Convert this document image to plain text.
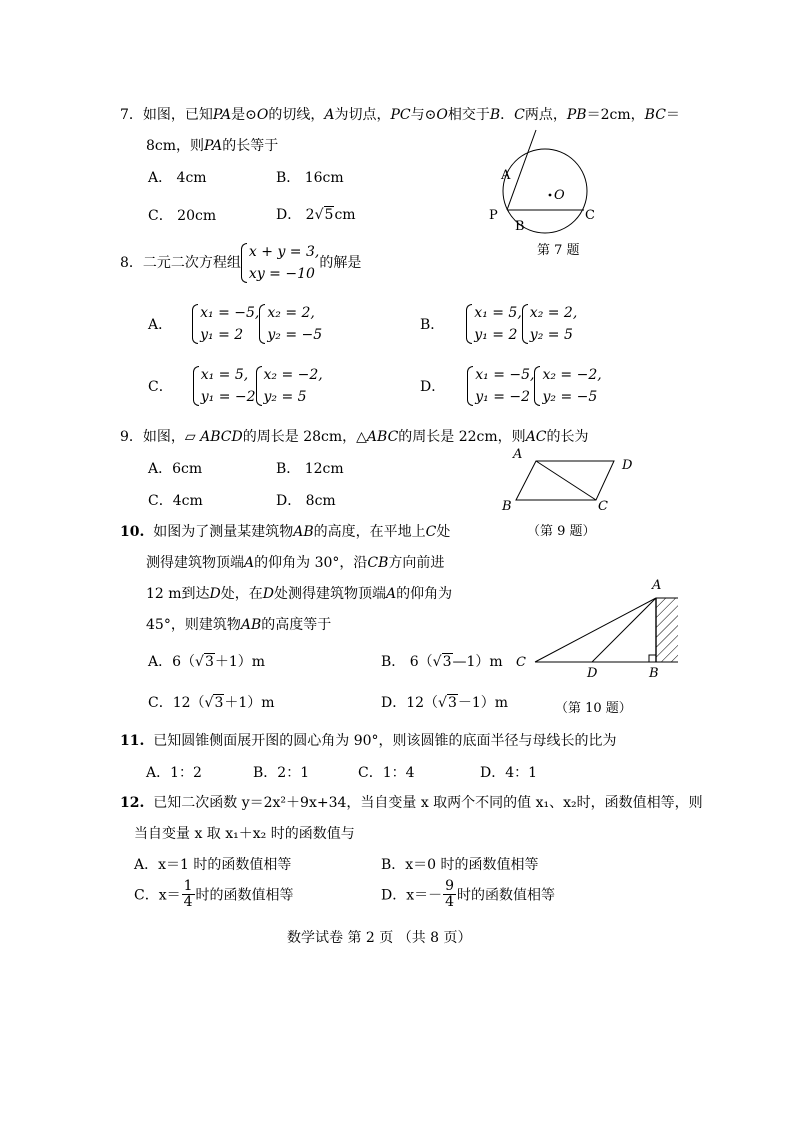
7．如图，已知PA是⊙O的切线，A为切点，PC与⊙O相交于B．C两点，PB＝2cm，BC＝
8cm，则PA的长等于
A． 4cm	B． 16cm
C． 20cm	D． 2√5cm
A
O
P
B
C
第 7 题
8．二元二次方程组
x + y = 3,
xy = −10
的解是
A．
x₁ = −5,
y₁ = 2
x₂ = 2,
y₂ = −5
B．
x₁ = 5,
y₁ = 2
x₂ = 2,
y₂ = 5
C．
x₁ = 5,
y₁ = −2
x₂ = −2,
y₂ = 5
D．
x₁ = −5,
y₁ = −2
x₂ = −2,
y₂ = −5
9．如图，▱ ABCD的周长是 28cm，△ABC的周长是 22cm，则AC的长为
A．6cm	B． 12cm
C．4cm	D． 8cm
A
D
B	C
（第 9 题）
10. 如图为了测量某建筑物AB的高度，在平地上C处
测得建筑物顶端A的仰角为 30°，沿CB方向前进
12 m到达D处，在D处测得建筑物顶端A的仰角为
45°，则建筑物AB的高度等于
A．6（√3＋1）m	B． 6（√3—1）m
C．12（√3＋1）m	D．12（√3－1）m
A
C
D	B
（第 10 题）
11. 已知圆锥侧面展开图的圆心角为 90°，则该圆锥的底面半径与母线长的比为
A．1：2	B．2：1	C．1：4	D．4：1
12. 已知二次函数 y＝2x²＋9x+34，当自变量 x 取两个不同的值 x₁、x₂时，函数值相等，则
当自变量 x 取 x₁＋x₂ 时的函数值与
A．x＝1 时的函数值相等	B．x＝0 时的函数值相等
C．$x= \frac{1}{4}$ 时的函数值相等	D．$x=- \frac{9}{4}$ 时的函数值相等
数学试卷 第 2 页 （共 8 页）
